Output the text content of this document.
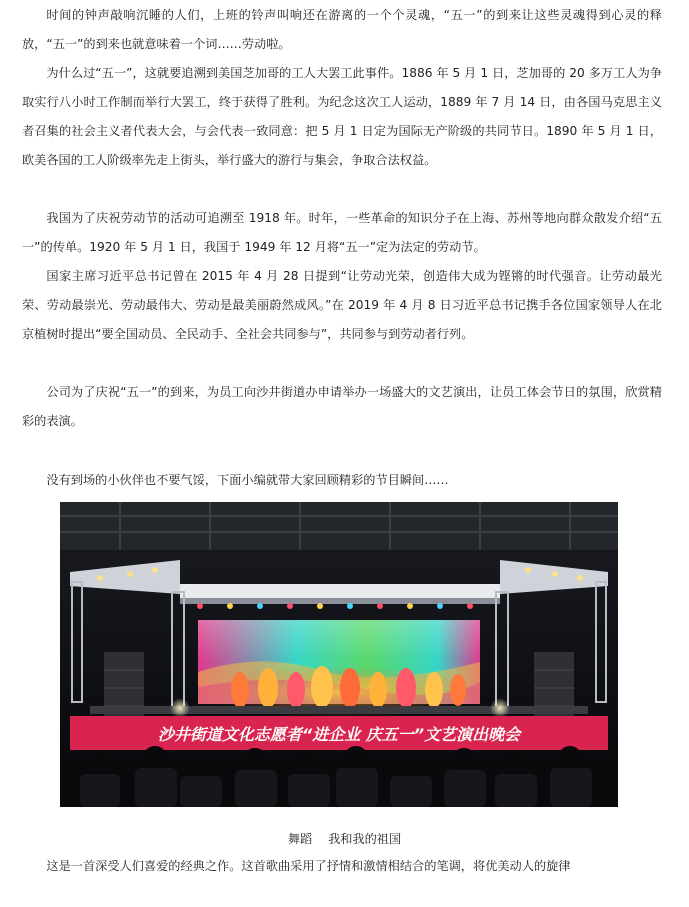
时间的钟声敲响沉睡的人们，上班的铃声叫响还在游离的一个个灵魂，“五一”的到来让这些灵魂得到心灵的释放，“五一”的到来也就意味着一个词……劳动啦。

为什么过“五一”，这就要追溯到美国芝加哥的工人大罢工此事件。1886 年 5 月 1 日，芝加哥的 20 多万工人为争取实行八小时工作制而举行大罢工，终于获得了胜利。为纪念这次工人运动，1889 年 7 月 14 日，由各国马克思主义者召集的社会主义者代表大会，与会代表一致同意：把 5 月 1 日定为国际无产阶级的共同节日。1890 年 5 月 1 日，欧美各国的工人阶级率先走上街头，举行盛大的游行与集会，争取合法权益。

我国为了庆祝劳动节的活动可追溯至 1918 年。时年，一些革命的知识分子在上海、苏州等地向群众散发介绍“五一”的传单。1920 年 5 月 1 日，我国于 1949 年 12 月将“五一”定为法定的劳动节。

国家主席习近平总书记曾在 2015 年 4 月 28 日提到“让劳动光荣，创造伟大成为铿锵的时代强音。让劳动最光荣、劳动最崇光、劳动最伟大、劳动是最美丽蔚然成风。”在 2019 年 4 月 8 日习近平总书记携手各位国家领导人在北京植树时提出“要全国动员、全民动手、全社会共同参与”，共同参与到劳动者行列。

公司为了庆祝“五一”的到来，为员工向沙井街道办申请举办一场盛大的文艺演出，让员工体会节日的氛围，欣赏精彩的表演。

没有到场的小伙伴也不要气馁，下面小编就带大家回顾精彩的节目瞬间……

沙井街道文化志愿者“进企业 庆五一”文艺演出晚会
舞蹈 我和我的祖国

这是一首深受人们喜爱的经典之作。这首歌曲采用了抒情和激情相结合的笔调，将优美动人的旋律
